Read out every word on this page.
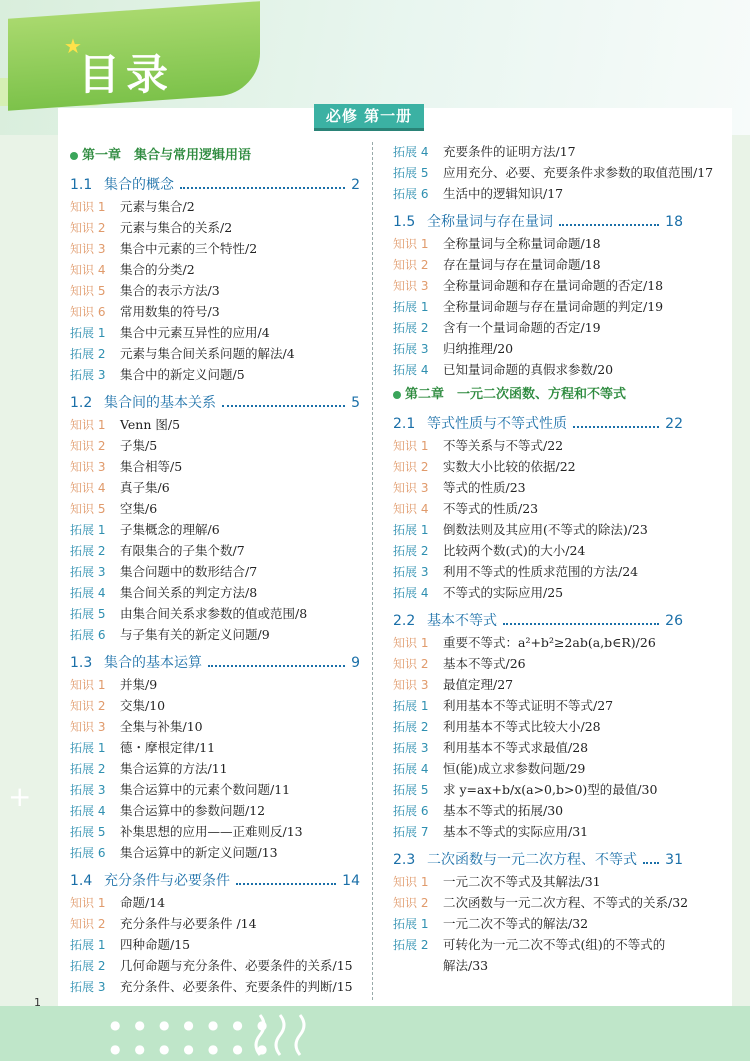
★
目录
+
必修 第一册
第一章　集合与常用逻辑用语
1.1 集合的概念	2
知识 1 元素与集合/2
知识 2 元素与集合的关系/2
知识 3 集合中元素的三个特性/2
知识 4 集合的分类/2
知识 5 集合的表示方法/3
知识 6 常用数集的符号/3
拓展 1 集合中元素互异性的应用/4
拓展 2 元素与集合间关系问题的解法/4
拓展 3 集合中的新定义问题/5
1.2 集合间的基本关系	5
知识 1 Venn 图/5
知识 2 子集/5
知识 3 集合相等/5
知识 4 真子集/6
知识 5 空集/6
拓展 1 子集概念的理解/6
拓展 2 有限集合的子集个数/7
拓展 3 集合问题中的数形结合/7
拓展 4 集合间关系的判定方法/8
拓展 5 由集合间关系求参数的值或范围/8
拓展 6 与子集有关的新定义问题/9
1.3 集合的基本运算	9
知识 1 并集/9
知识 2 交集/10
知识 3 全集与补集/10
拓展 1 德・摩根定律/11
拓展 2 集合运算的方法/11
拓展 3 集合运算中的元素个数问题/11
拓展 4 集合运算中的参数问题/12
拓展 5 补集思想的应用——正难则反/13
拓展 6 集合运算中的新定义问题/13
1.4 充分条件与必要条件	14
知识 1 命题/14
知识 2 充分条件与必要条件 /14
拓展 1 四种命题/15
拓展 2 几何命题与充分条件、必要条件的关系/15
拓展 3 充分条件、必要条件、充要条件的判断/15
拓展 4 充要条件的证明方法/17
拓展 5 应用充分、必要、充要条件求参数的取值范围/17
拓展 6 生活中的逻辑知识/17
1.5 全称量词与存在量词	18
知识 1 全称量词与全称量词命题/18
知识 2 存在量词与存在量词命题/18
知识 3 全称量词命题和存在量词命题的否定/18
拓展 1 全称量词命题与存在量词命题的判定/19
拓展 2 含有一个量词命题的否定/19
拓展 3 归纳推理/20
拓展 4 已知量词命题的真假求参数/20
第二章　一元二次函数、方程和不等式
2.1 等式性质与不等式性质	22
知识 1 不等关系与不等式/22
知识 2 实数大小比较的依据/22
知识 3 等式的性质/23
知识 4 不等式的性质/23
拓展 1 倒数法则及其应用(不等式的除法)/23
拓展 2 比较两个数(式)的大小/24
拓展 3 利用不等式的性质求范围的方法/24
拓展 4 不等式的实际应用/25
2.2 基本不等式	26
知识 1 重要不等式：a²+b²≥2ab(a,b∈R)/26
知识 2 基本不等式/26
知识 3 最值定理/27
拓展 1 利用基本不等式证明不等式/27
拓展 2 利用基本不等式比较大小/28
拓展 3 利用基本不等式求最值/28
拓展 4 恒(能)成立求参数问题/29
拓展 5 求 y=ax+b/x(a>0,b>0)型的最值/30
拓展 6 基本不等式的拓展/30
拓展 7 基本不等式的实际应用/31
2.3 二次函数与一元二次方程、不等式 31
知识 1 一元二次不等式及其解法/31
知识 2 二次函数与一元二次方程、不等式的关系/32
拓展 1 一元二次不等式的解法/32
拓展 2 可转化为一元二次不等式(组)的不等式的
解法/33
●●●●●●●
●●●●●●●
1
